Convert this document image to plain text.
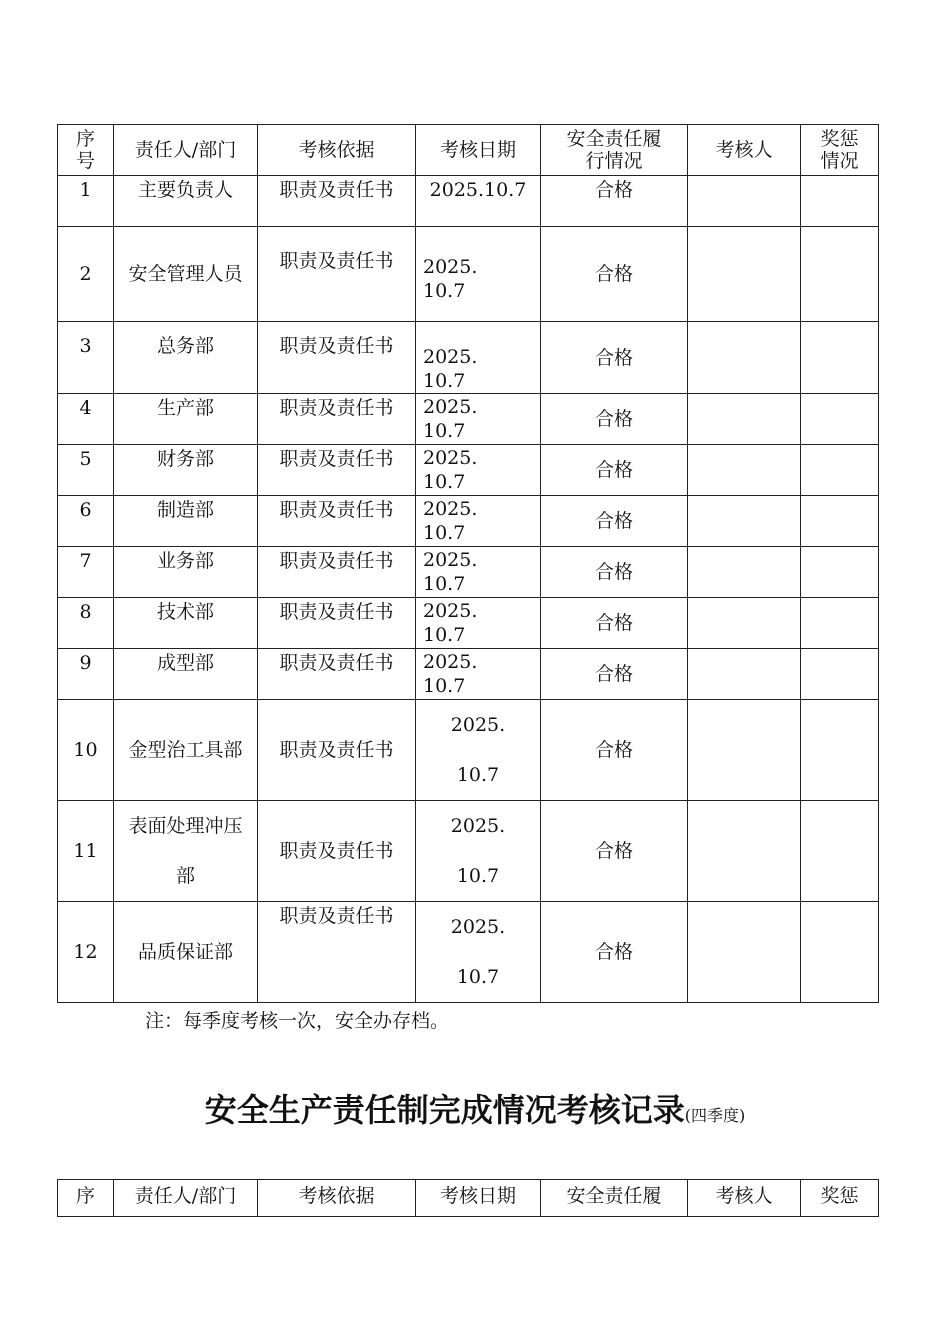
序号	责任人/部门	考核依据	考核日期	安全责任履行情况	考核人	奖惩情况
1	主要负责人	职责及责任书	2025.10.7	合格		
2	安全管理人员	职责及责任书	2025.10.7	合格		
3	总务部	职责及责任书	2025.10.7	合格		
4	生产部	职责及责任书	2025.10.7	合格		
5	财务部	职责及责任书	2025.10.7	合格		
6	制造部	职责及责任书	2025.10.7	合格		
7	业务部	职责及责任书	2025.10.7	合格		
8	技术部	职责及责任书	2025.10.7	合格		
9	成型部	职责及责任书	2025.10.7	合格		
10	金型治工具部	职责及责任书	2025.10.7	合格		
11	表面处理冲压部	职责及责任书	2025.10.7	合格		
12	品质保证部	职责及责任书	2025.10.7	合格		
注：每季度考核一次，安全办存档。
安全生产责任制完成情况考核记录(四季度)
序	责任人/部门	考核依据	考核日期	安全责任履	考核人	奖惩
